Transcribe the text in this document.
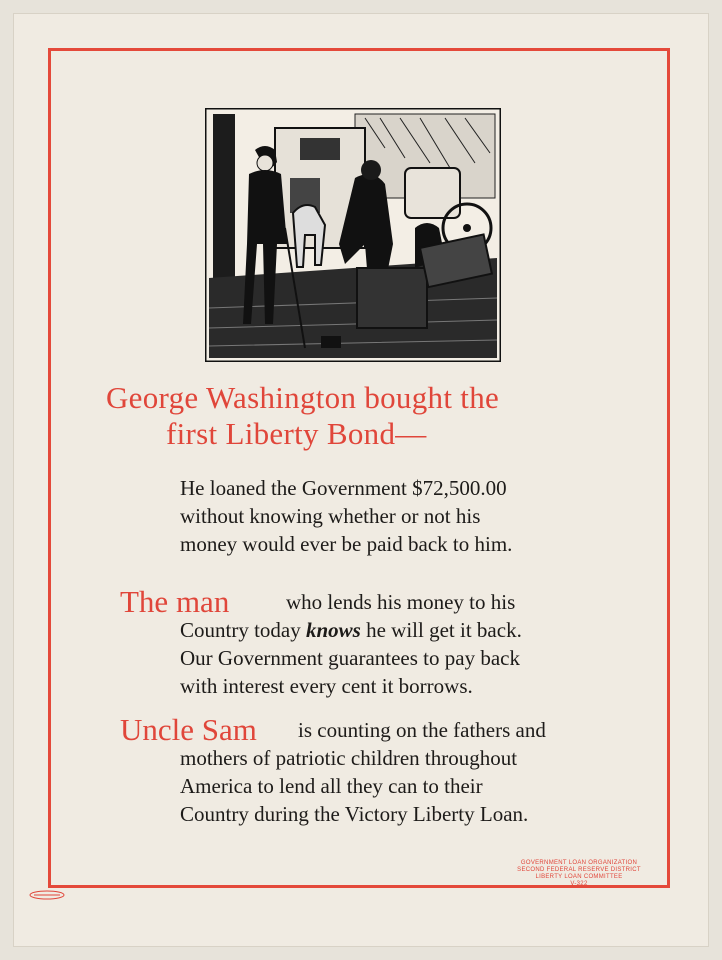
George Washington bought the
first Liberty Bond—
He loaned the Government $72,500.00
without knowing whether or not his
money would ever be paid back to him.
The man	who lends his money to his
Country today knows he will get it back.
Our Government guarantees to pay back
with interest every cent it borrows.
Uncle Sam	is counting on the fathers and
mothers of patriotic children throughout
America to lend all they can to their
Country during the Victory Liberty Loan.
GOVERNMENT LOAN ORGANIZATION
SECOND FEDERAL RESERVE DISTRICT
LIBERTY LOAN COMMITTEE
V-322
